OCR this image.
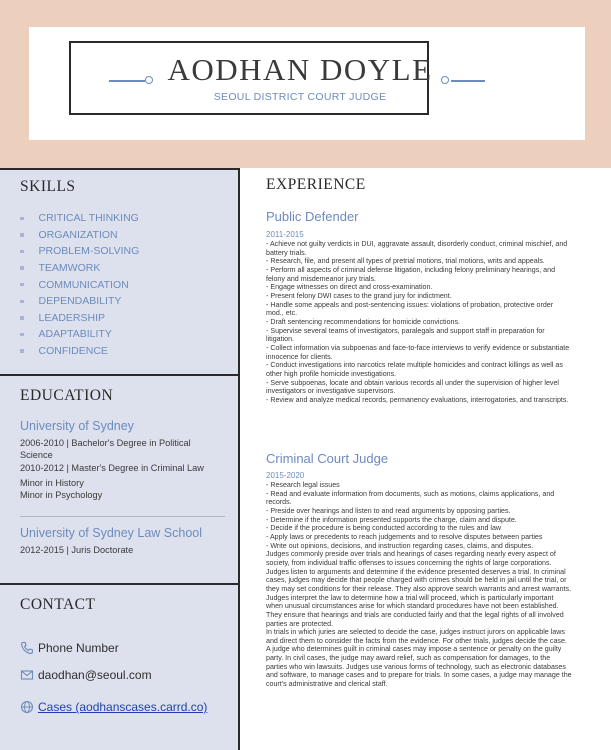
AODHAN DOYLE
SEOUL DISTRICT COURT JUDGE
SKILLS
CRITICAL THINKING
ORGANIZATION
PROBLEM-SOLVING
TEAMWORK
COMMUNICATION
DEPENDABILITY
LEADERSHIP
ADAPTABILITY
CONFIDENCE
EDUCATION
University of Sydney
2006-2010 | Bachelor's Degree in Political Science
2010-2012 | Master's Degree in Criminal Law
Minor in History
Minor in Psychology
University of Sydney Law School
2012-2015 | Juris Doctorate
CONTACT
Phone Number
daodhan@seoul.com
Cases (aodhanscases.carrd.co)
EXPERIENCE
Public Defender
2011-2015
- Achieve not guilty verdicts in DUI, aggravate assault, disorderly conduct, criminal mischief, and
battery trials.
- Research, file, and present all types of pretrial motions, trial motions, writs and appeals.
- Perform all aspects of criminal defense litigation, including felony preliminary hearings, and
felony and misdemeanor jury trials.
- Engage witnesses on direct and cross-examination.
- Present felony DWI cases to the grand jury for indictment.
- Handle some appeals and post-sentencing issues: violations of probation, protective order
mod., etc.
- Draft sentencing recommendations for homicide convictions.
- Supervise several teams of investigators, paralegals and support staff in preparation for
litigation.
- Collect information via subpoenas and face-to-face interviews to verify evidence or substantiate
innocence for clients.
- Conduct investigations into narcotics relate multiple homicides and contract killings as well as
other high profile homicide investigations.
- Serve subpoenas, locate and obtain various records all under the supervision of higher level
investigators or investigative supervisors.
- Review and analyze medical records, permanency evaluations, interrogatories, and transcripts.
Criminal Court Judge
2015-2020
- Research legal issues
- Read and evaluate information from documents, such as motions, claims applications, and
records.
- Preside over hearings and listen to and read arguments by opposing parties.
- Determine if the information presented supports the charge, claim and dispute.
- Decide if the procedure is being conducted according to the rules and law
- Apply laws or precedents to reach judgements and to resolve disputes between parties
- Write out opinions, decisions, and instruction regarding cases, claims, and disputes.
Judges commonly preside over trials and hearings of cases regarding nearly every aspect of
society, from individual traffic offenses to issues concerning the rights of large corporations.
Judges listen to arguments and determine if the evidence presented deserves a trial. In criminal
cases, judges may decide that people charged with crimes should be held in jail until the trial, or
they may set conditions for their release. They also approve search warrants and arrest warrants.
Judges interpret the law to determine how a trial will proceed, which is particularly important
when unusual circumstances arise for which standard procedures have not been established.
They ensure that hearings and trials are conducted fairly and that the legal rights of all involved
parties are protected.
In trials in which juries are selected to decide the case, judges instruct jurors on applicable laws
and direct them to consider the facts from the evidence. For other trials, judges decide the case.
A judge who determines guilt in criminal cases may impose a sentence or penalty on the guilty
party. In civil cases, the judge may award relief, such as compensation for damages, to the
parties who win lawsuits. Judges use various forms of technology, such as electronic databases
and software, to manage cases and to prepare for trials. In some cases, a judge may manage the
court's administrative and clerical staff.
